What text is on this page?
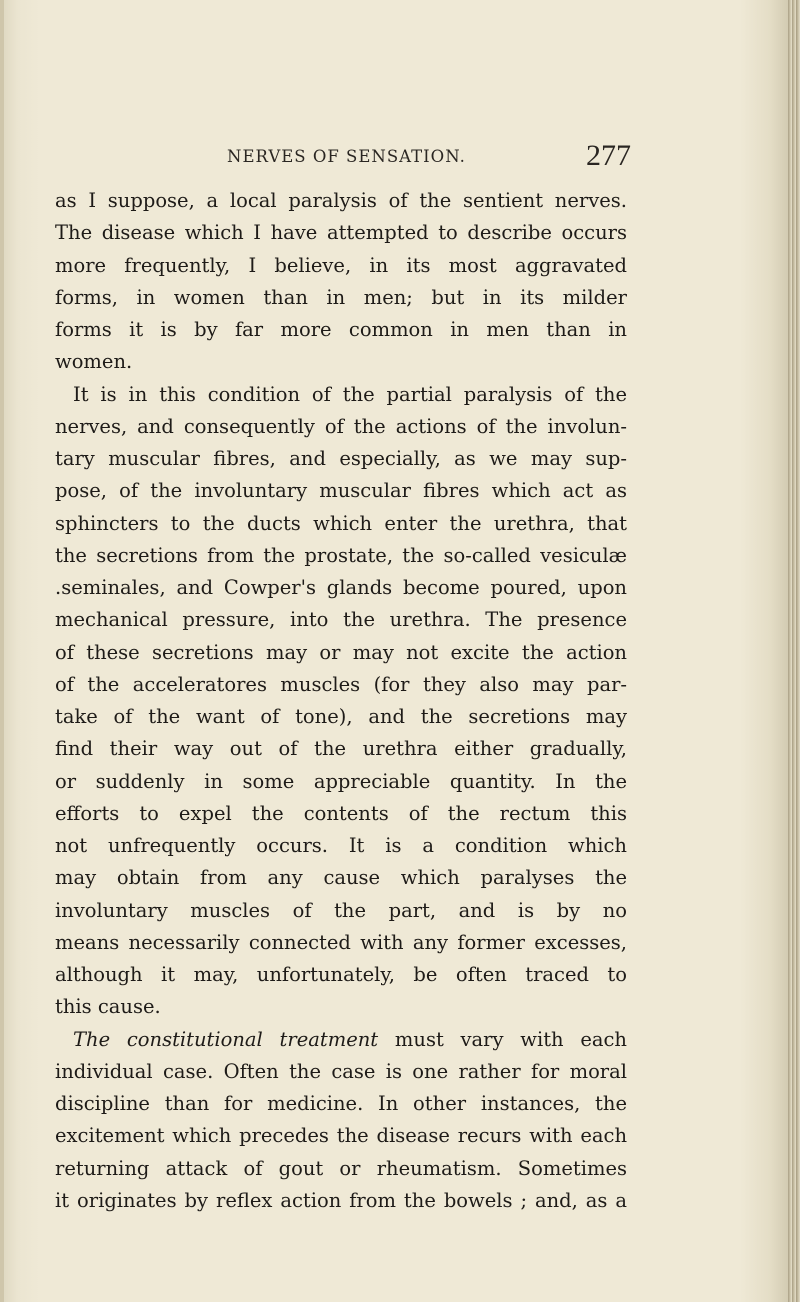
NERVES OF SENSATION.	277
as I suppose, a local paralysis of the sentient nerves.
The disease which I have attempted to describe occurs
more frequently, I believe, in its most aggravated
forms, in women than in men; but in its milder
forms it is by far more common in men than in
women.
It is in this condition of the partial paralysis of the
nerves, and consequently of the actions of the involun-
tary muscular fibres, and especially, as we may sup-
pose, of the involuntary muscular fibres which act as
sphincters to the ducts which enter the urethra, that
the secretions from the prostate, the so-called vesiculæ
.seminales, and Cowper's glands become poured, upon
mechanical pressure, into the urethra. The presence
of these secretions may or may not excite the action
of the acceleratores muscles (for they also may par-
take of the want of tone), and the secretions may
find their way out of the urethra either gradually,
or suddenly in some appreciable quantity. In the
efforts to expel the contents of the rectum this
not unfrequently occurs. It is a condition which
may obtain from any cause which paralyses the
involuntary muscles of the part, and is by no
means necessarily connected with any former excesses,
although it may, unfortunately, be often traced to
this cause.
The constitutional treatment must vary with each
individual case. Often the case is one rather for moral
discipline than for medicine. In other instances, the
excitement which precedes the disease recurs with each
returning attack of gout or rheumatism. Sometimes
it originates by reflex action from the bowels ; and, as a
